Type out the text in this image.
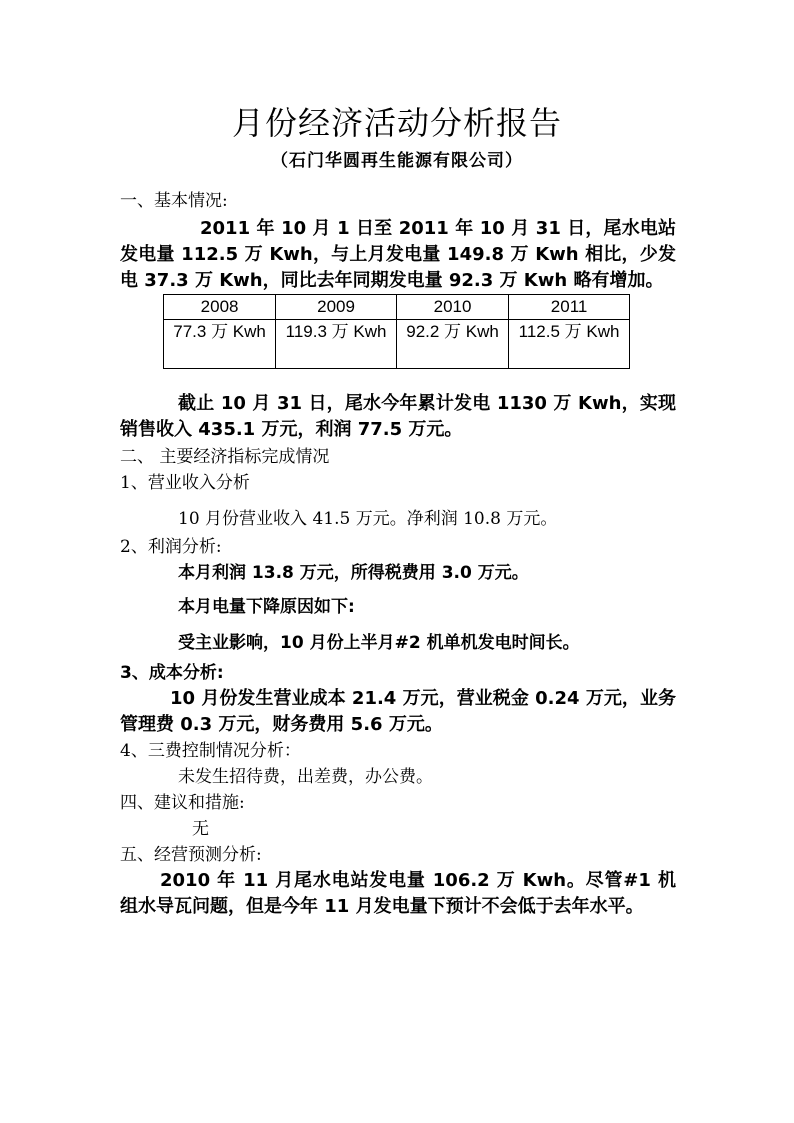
月份经济活动分析报告
（石门华圆再生能源有限公司）
一、基本情况:
2011 年 10 月 1 日至 2011 年 10 月 31 日，尾水电站发电量 112.5 万 Kwh，与上月发电量 149.8 万 Kwh 相比，少发电 37.3 万 Kwh，同比去年同期发电量 92.3 万 Kwh 略有增加。
2008	2009	2010	2011
77.3 万 Kwh	119.3 万 Kwh	92.2 万 Kwh	112.5 万 Kwh
截止 10 月 31 日，尾水今年累计发电 1130 万 Kwh，实现销售收入 435.1 万元，利润 77.5 万元。
二、 主要经济指标完成情况
1、营业收入分析
10 月份营业收入 41.5 万元。净利润 10.8 万元。
2、利润分析:
本月利润 13.8 万元，所得税费用 3.0 万元。
本月电量下降原因如下:
受主业影响，10 月份上半月#2 机单机发电时间长。
3、成本分析:
10 月份发生营业成本 21.4 万元，营业税金 0.24 万元，业务管理费 0.3 万元，财务费用 5.6 万元。
4、三费控制情况分析：
未发生招待费，出差费，办公费。
四、建议和措施:
无
五、经营预测分析:
2010 年 11 月尾水电站发电量 106.2 万 Kwh。尽管#1 机组水导瓦问题，但是今年 11 月发电量下预计不会低于去年水平。
